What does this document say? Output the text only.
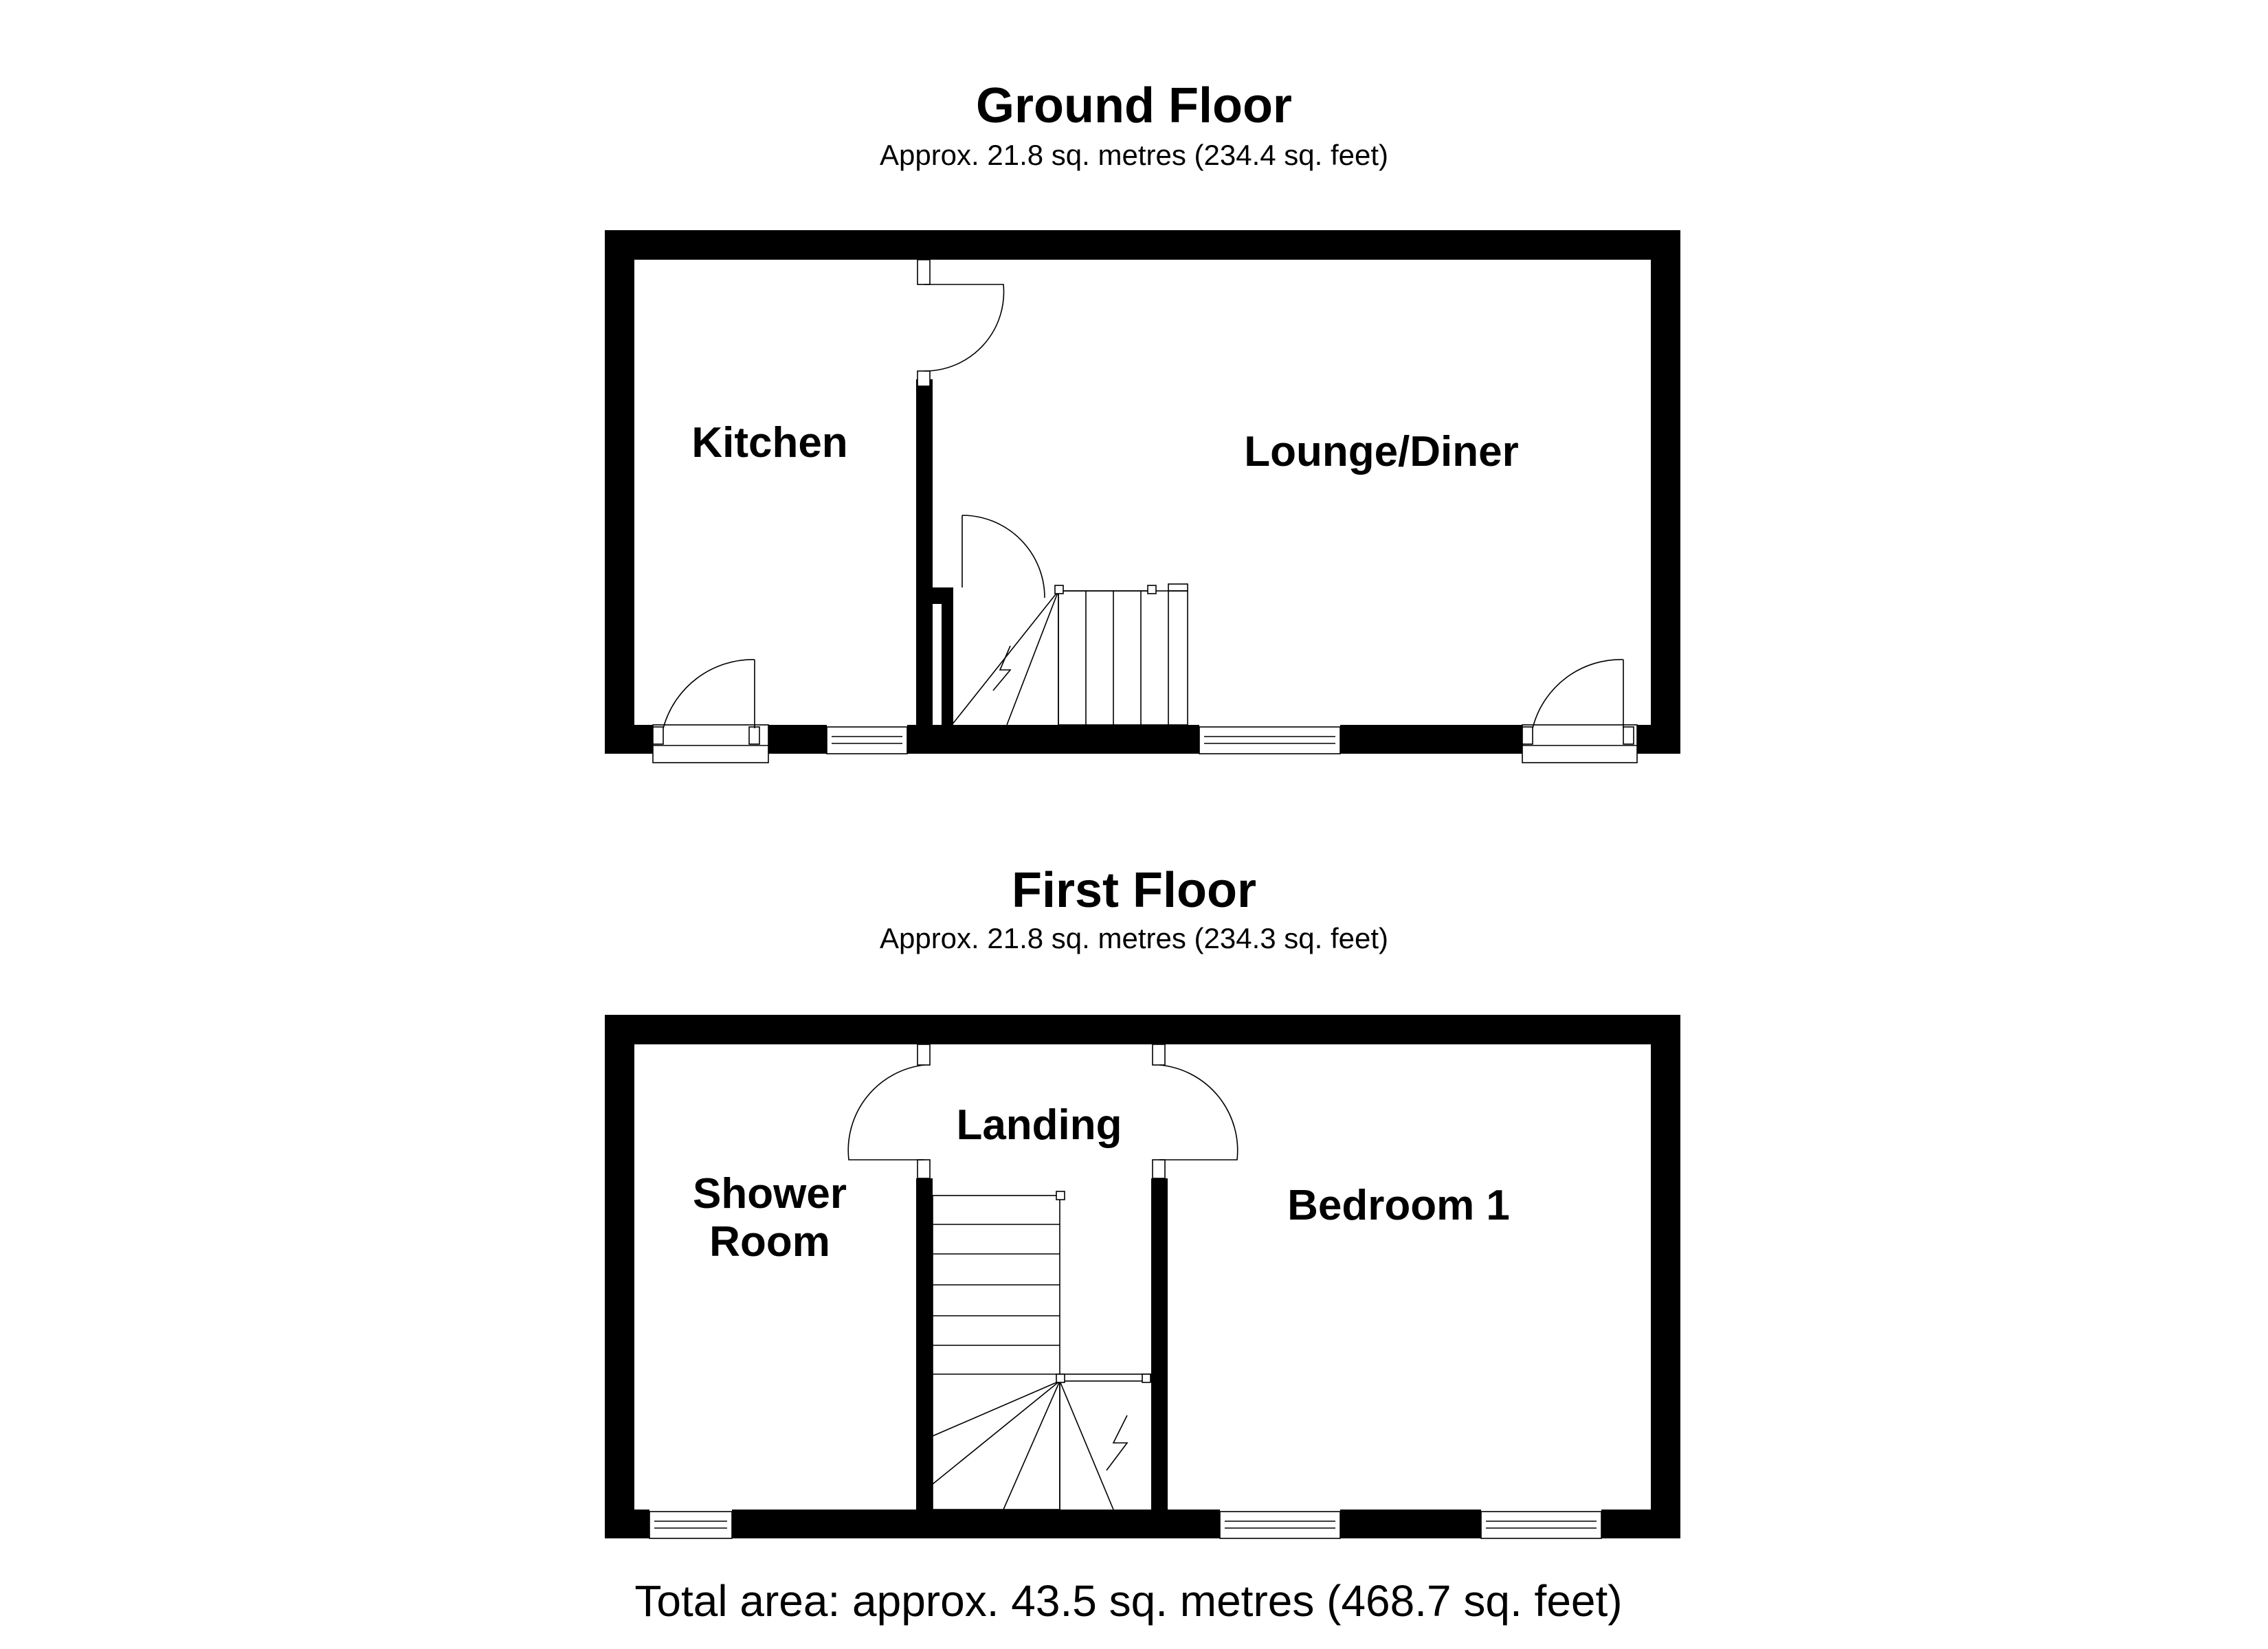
Ground Floor
Approx. 21.8 sq. metres (234.4 sq. feet)
Kitchen	Lounge/Diner
First Floor
Approx. 21.8 sq. metres (234.3 sq. feet)
Shower
Room
Landing
Bedroom 1
Total area: approx. 43.5 sq. metres (468.7 sq. feet)
